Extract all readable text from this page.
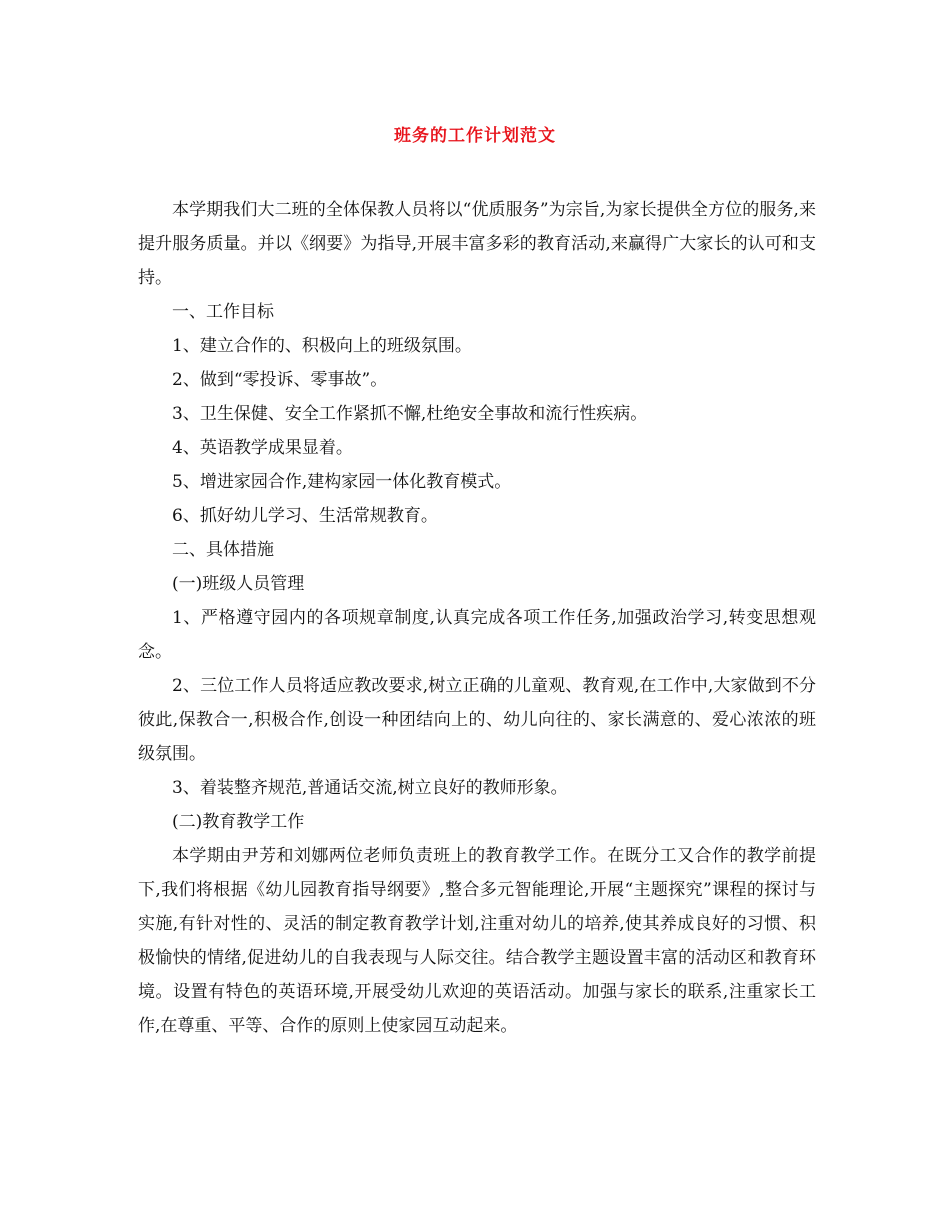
班务的工作计划范文

本学期我们大二班的全体保教人员将以“优质服务”为宗旨,为家长提供全方位的服务,来提升服务质量。并以《纲要》为指导,开展丰富多彩的教育活动,来赢得广大家长的认可和支持。

一、工作目标

1、建立合作的、积极向上的班级氛围。

2、做到“零投诉、零事故”。

3、卫生保健、安全工作紧抓不懈,杜绝安全事故和流行性疾病。

4、英语教学成果显着。

5、增进家园合作,建构家园一体化教育模式。

6、抓好幼儿学习、生活常规教育。

二、具体措施

(一)班级人员管理

1、严格遵守园内的各项规章制度,认真完成各项工作任务,加强政治学习,转变思想观念。

2、三位工作人员将适应教改要求,树立正确的儿童观、教育观,在工作中,大家做到不分彼此,保教合一,积极合作,创设一种团结向上的、幼儿向往的、家长满意的、爱心浓浓的班级氛围。

3、着装整齐规范,普通话交流,树立良好的教师形象。

(二)教育教学工作

本学期由尹芳和刘娜两位老师负责班上的教育教学工作。在既分工又合作的教学前提下,我们将根据《幼儿园教育指导纲要》,整合多元智能理论,开展“主题探究”课程的探讨与实施,有针对性的、灵活的制定教育教学计划,注重对幼儿的培养,使其养成良好的习惯、积极愉快的情绪,促进幼儿的自我表现与人际交往。结合教学主题设置丰富的活动区和教育环境。设置有特色的英语环境,开展受幼儿欢迎的英语活动。加强与家长的联系,注重家长工作,在尊重、平等、合作的原则上使家园互动起来。
